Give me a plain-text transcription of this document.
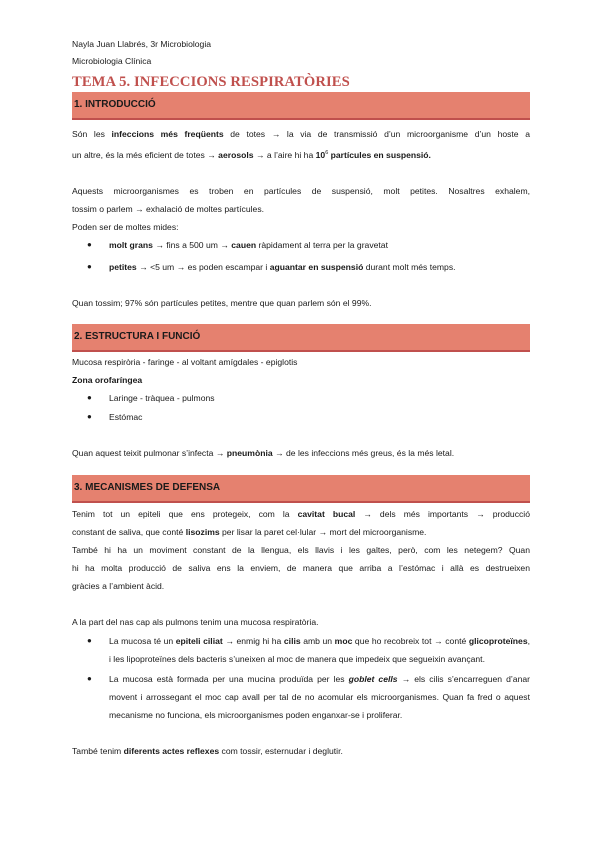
Nayla Juan Llabrés, 3r Microbiologia
Microbiologia Clínica
TEMA 5. INFECCIONS RESPIRATÒRIES
1. INTRODUCCIÓ

Són les infeccions més freqüents de totes → la via de transmissió d’un microorganisme d’un hoste a

un altre, és la més eficient de totes → aerosols → a l’aire hi ha $10^6$ partícules en suspensió.

Aquests microorganismes es troben en partícules de suspensió, molt petites. Nosaltres exhalem,

tossim o parlem → exhalació de moltes partícules.

Poden ser de moltes mides:

● molt grans → fins a 500 um → cauen ràpidament al terra per la gravetat
● petites → <5 um → es poden escampar i aguantar en suspensió durant molt més temps.

Quan tossim; 97% són partícules petites, mentre que quan parlem són el 99%.

2. ESTRUCTURA I FUNCIÓ

Mucosa respiròria - faringe - al voltant amígdales - epiglotis

Zona orofaríngea

● Laringe - tràquea - pulmons
● Estómac

Quan aquest teixit pulmonar s’infecta → pneumònia → de les infeccions més greus, és la més letal.

3. MECANISMES DE DEFENSA

Tenim tot un epiteli que ens protegeix, com la cavitat bucal → dels més importants → producció

constant de saliva, que conté lisozims per lisar la paret cel·lular → mort del microorganisme.

També hi ha un moviment constant de la llengua, els llavis i les galtes, però, com les netegem? Quan

hi ha molta producció de saliva ens la enviem, de manera que arriba a l’estómac i allà es destrueixen

gràcies a l’ambient àcid.

A la part del nas cap als pulmons tenim una mucosa respiratòria.

● La mucosa té un epiteli ciliat → enmig hi ha cilis amb un moc que ho recobreix tot → conté glicoproteïnes, i les lipoproteïnes dels bacteris s’uneixen al moc de manera que impedeix que segueixin avançant.
● La mucosa està formada per una mucina produïda per les goblet cells → els cilis s’encarreguen d’anar movent i arrossegant el moc cap avall per tal de no acomular els microorganismes. Quan fa fred o aquest mecanisme no funciona, els microorganismes poden enganxar-se i proliferar.

També tenim diferents actes reflexes com tossir, esternudar i deglutir.
